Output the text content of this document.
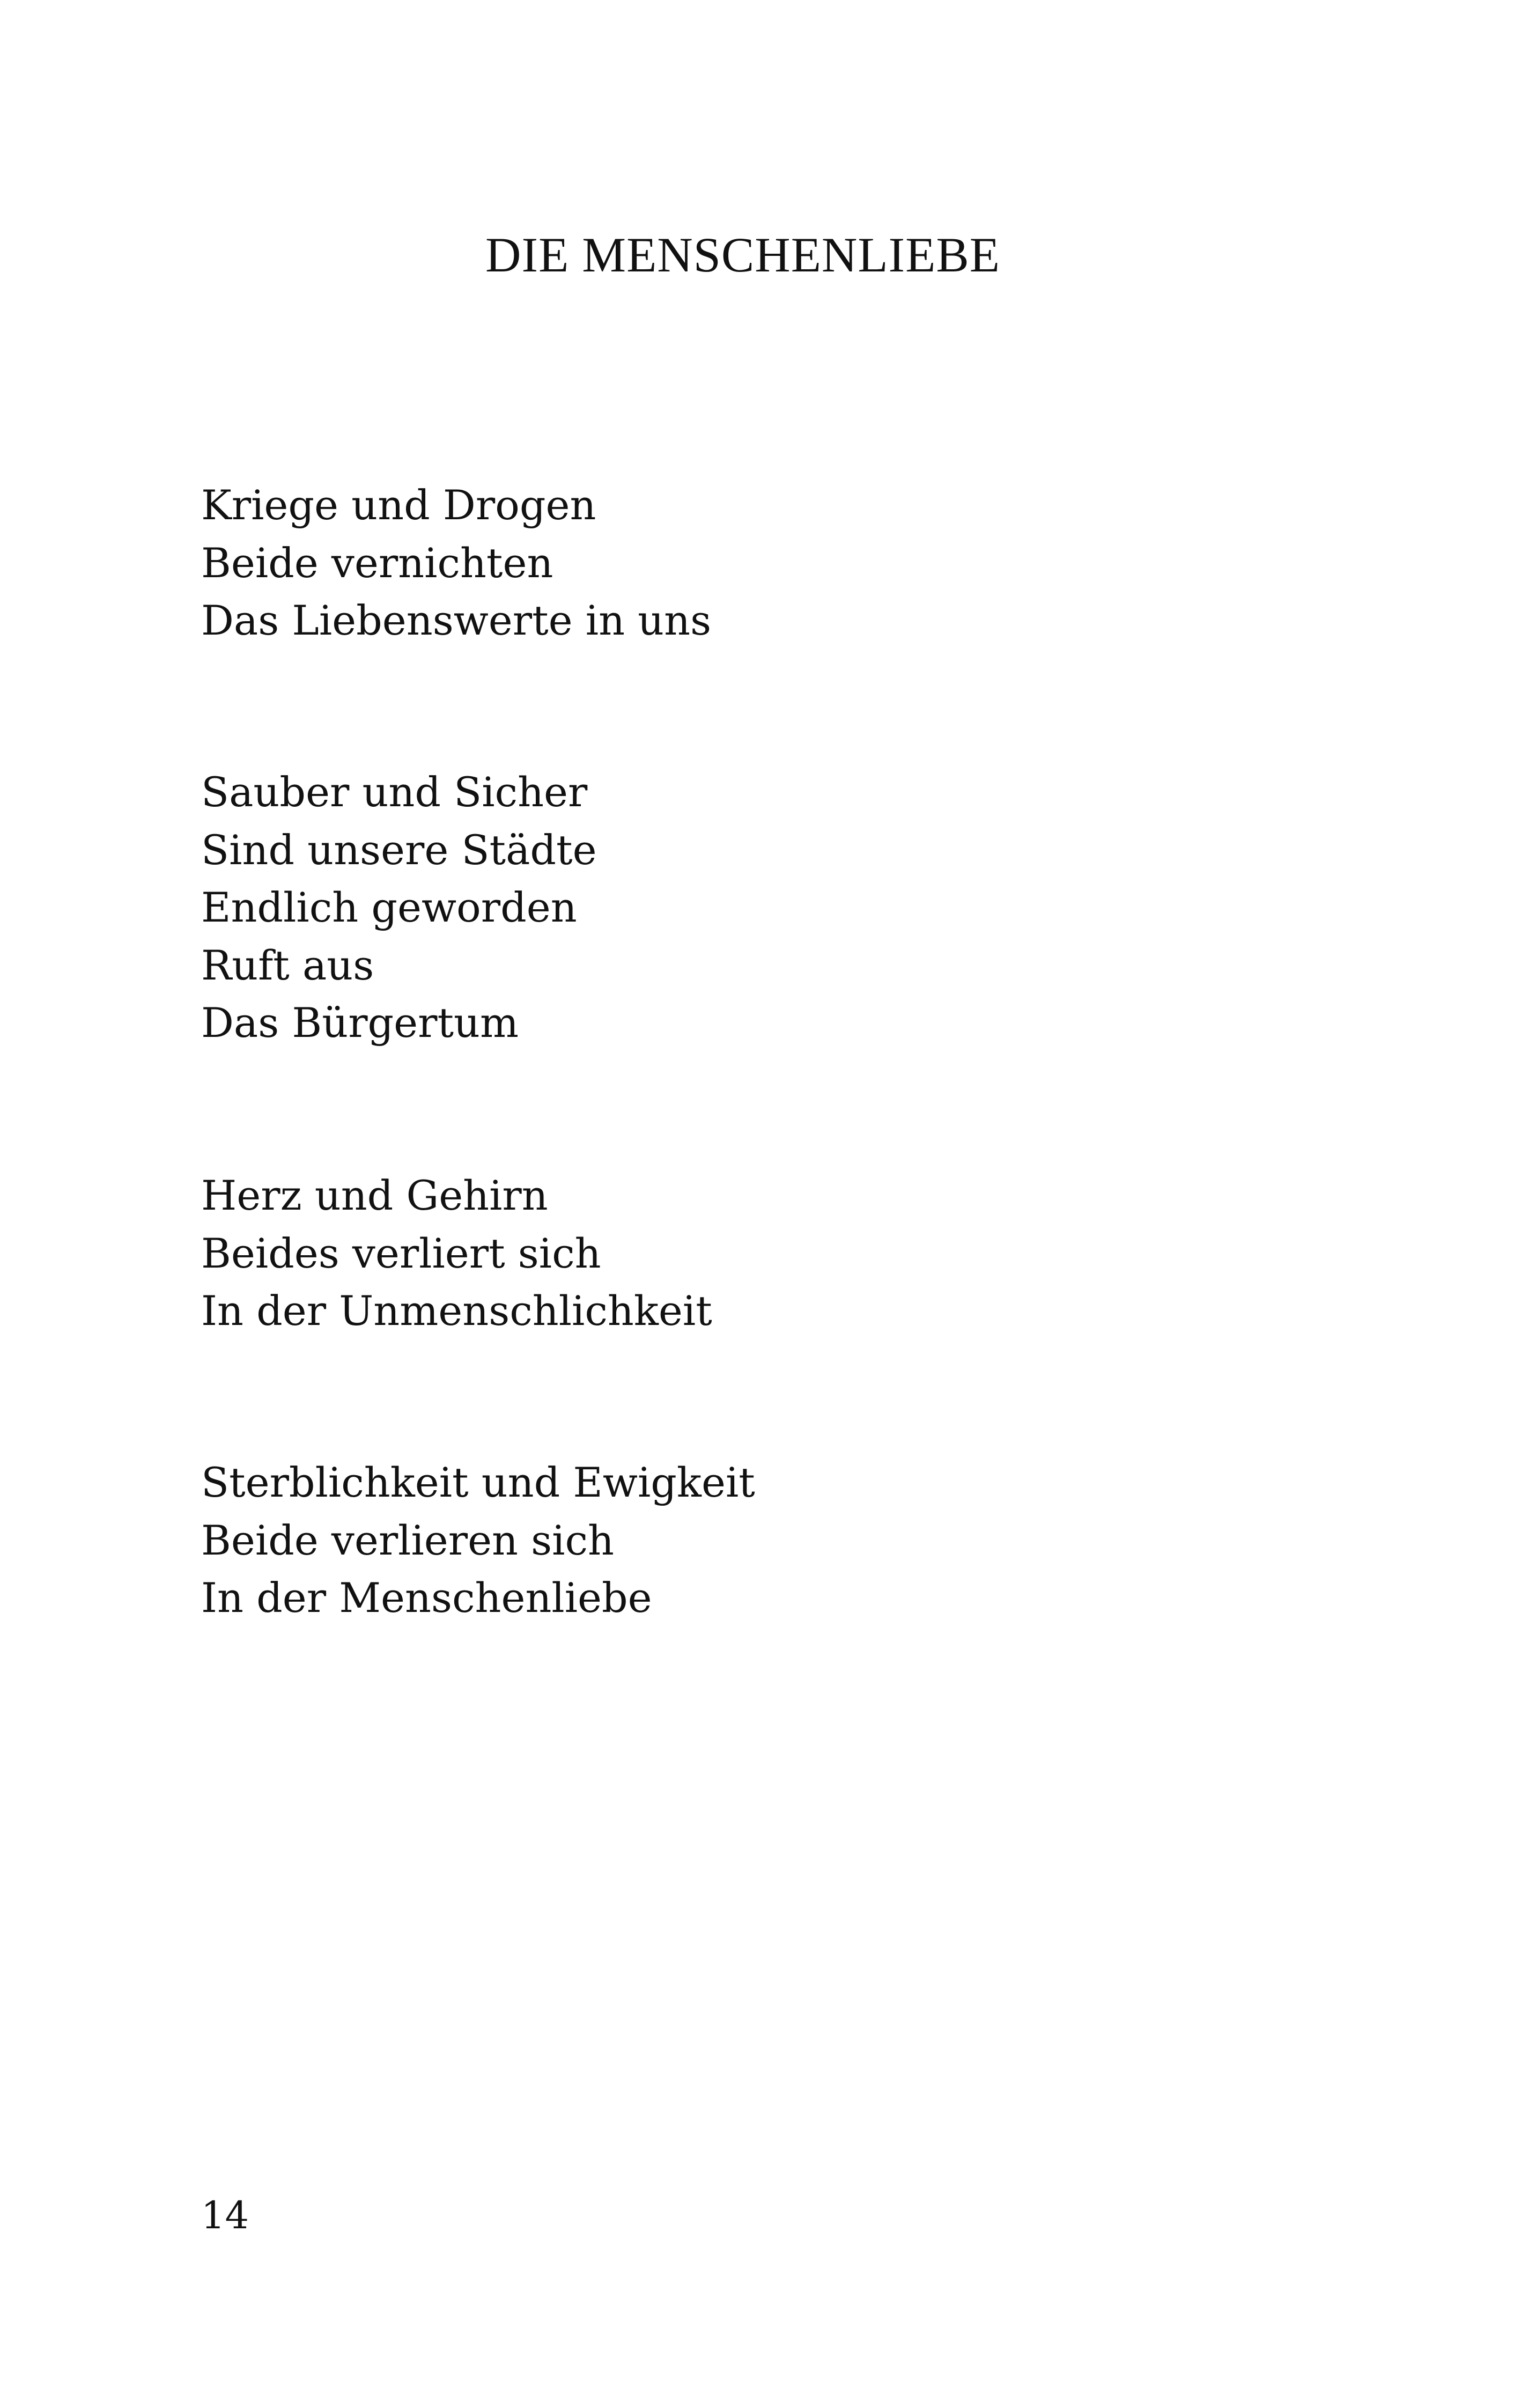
DIE MENSCHENLIEBE
Kriege und Drogen
Beide vernichten
Das Liebenswerte in uns
Sauber und Sicher
Sind unsere Städte
Endlich geworden
Ruft aus
Das Bürgertum
Herz und Gehirn
Beides verliert sich
In der Unmenschlichkeit
Sterblichkeit und Ewigkeit
Beide verlieren sich
In der Menschenliebe

14
